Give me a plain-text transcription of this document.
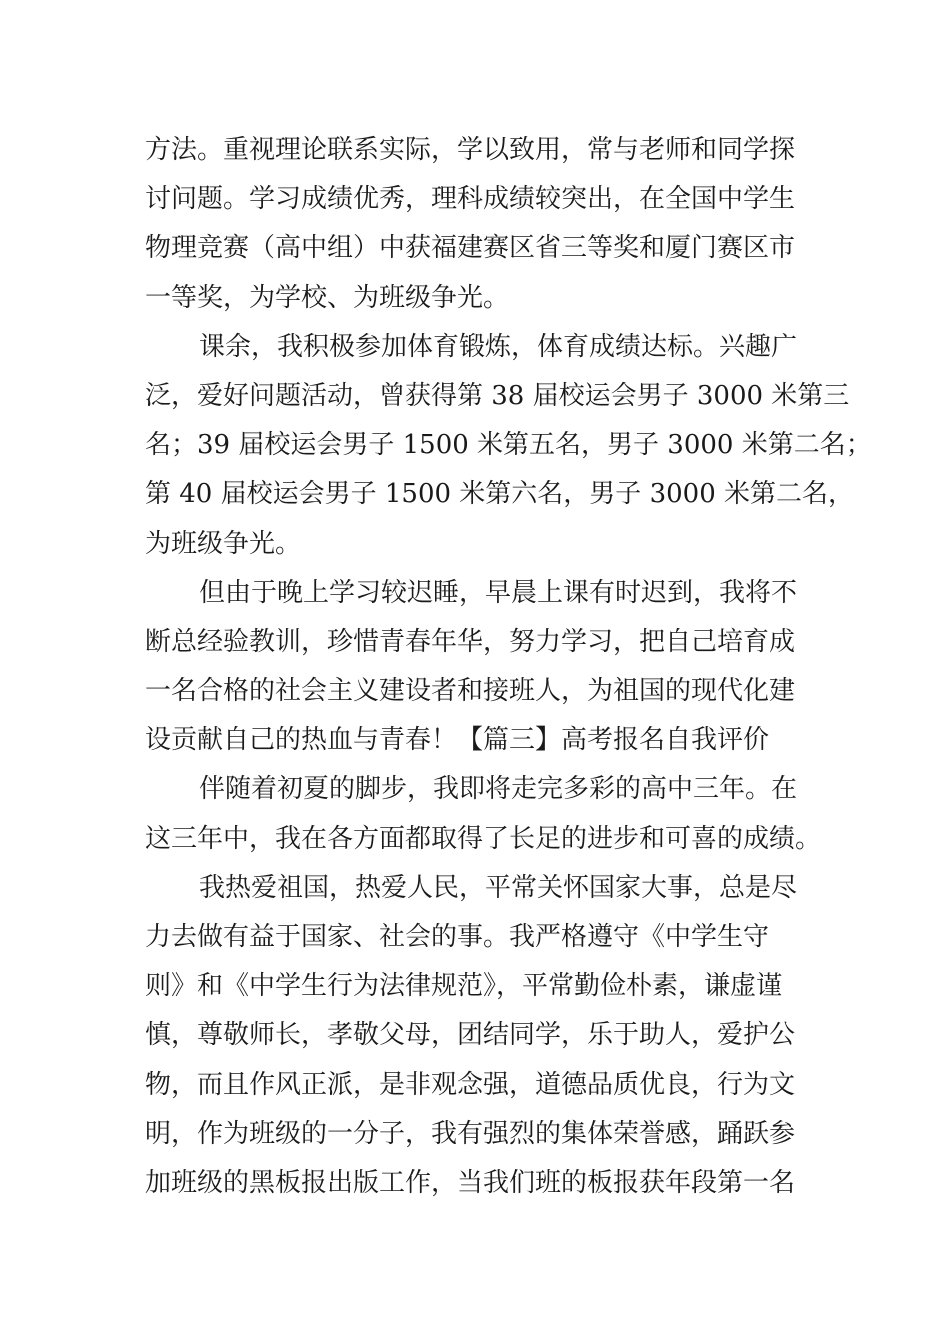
方法。重视理论联系实际，学以致用，常与老师和同学探
讨问题。学习成绩优秀，理科成绩较突出，在全国中学生
物理竞赛（高中组）中获福建赛区省三等奖和厦门赛区市
一等奖，为学校、为班级争光。
课余，我积极参加体育锻炼，体育成绩达标。兴趣广
泛，爱好问题活动，曾获得第 38 届校运会男子 3000 米第三
名；39 届校运会男子 1500 米第五名，男子 3000 米第二名；
第 40 届校运会男子 1500 米第六名，男子 3000 米第二名，
为班级争光。
但由于晚上学习较迟睡，早晨上课有时迟到，我将不
断总经验教训，珍惜青春年华，努力学习，把自己培育成
一名合格的社会主义建设者和接班人，为祖国的现代化建
设贡献自己的热血与青春！【篇三】高考报名自我评价
伴随着初夏的脚步，我即将走完多彩的高中三年。在
这三年中，我在各方面都取得了长足的进步和可喜的成绩。
我热爱祖国，热爱人民，平常关怀国家大事，总是尽
力去做有益于国家、社会的事。我严格遵守《中学生守
则》和《中学生行为法律规范》，平常勤俭朴素，谦虚谨
慎，尊敬师长，孝敬父母，团结同学，乐于助人，爱护公
物，而且作风正派，是非观念强，道德品质优良，行为文
明，作为班级的一分子，我有强烈的集体荣誉感，踊跃参
加班级的黑板报出版工作，当我们班的板报获年段第一名
